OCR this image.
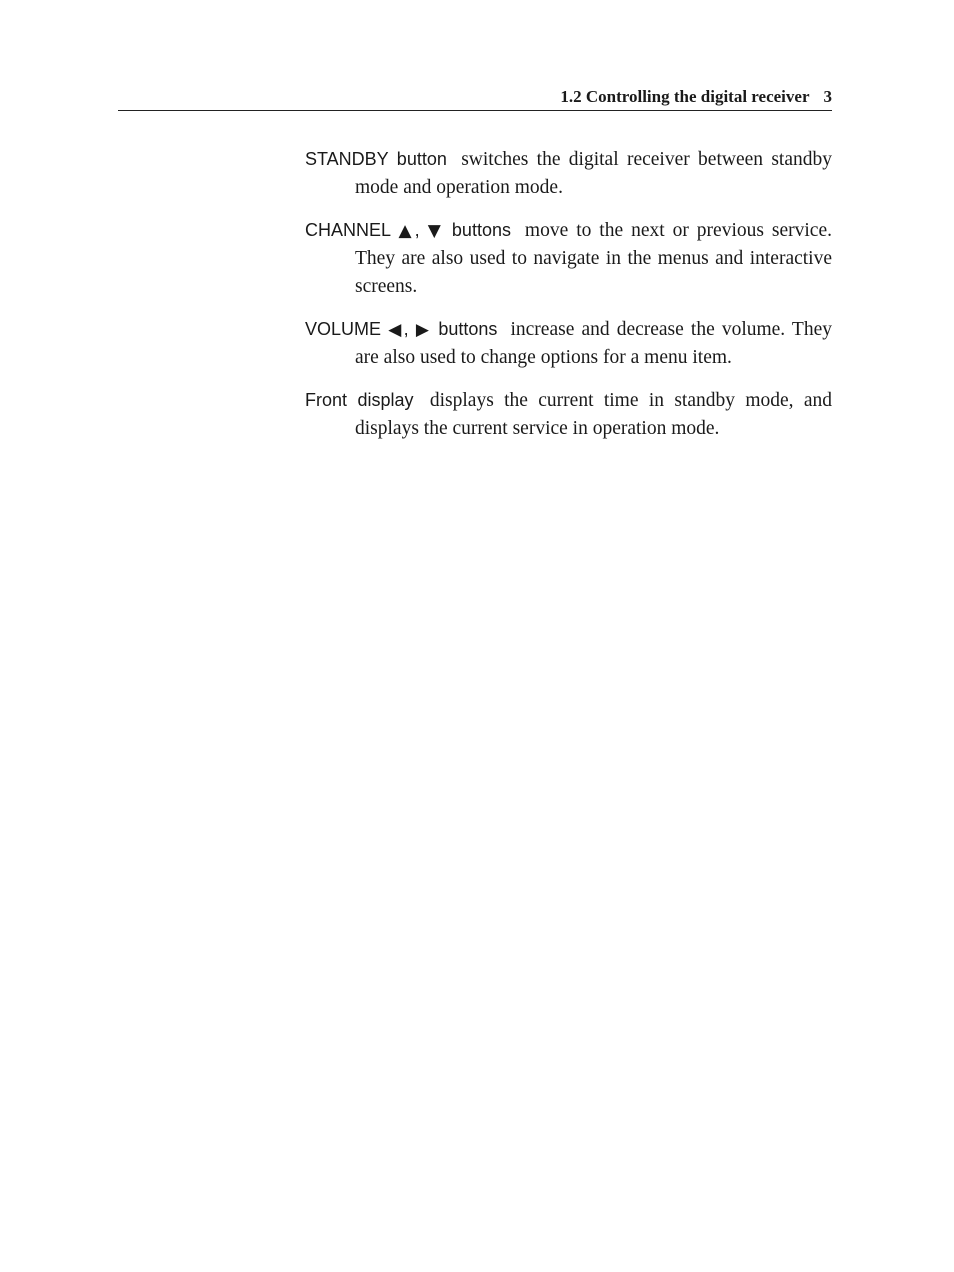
1.2 Controlling the digital receiver 3

STANDBY button switches the digital receiver between standby mode and operation mode.

CHANNEL ▲, ▼ buttons move to the next or previous service. They are also used to navigate in the menus and interactive screens.

VOLUME ◀, ▶ buttons increase and decrease the volume. They are also used to change options for a menu item.

Front display displays the current time in standby mode, and displays the current service in operation mode.
